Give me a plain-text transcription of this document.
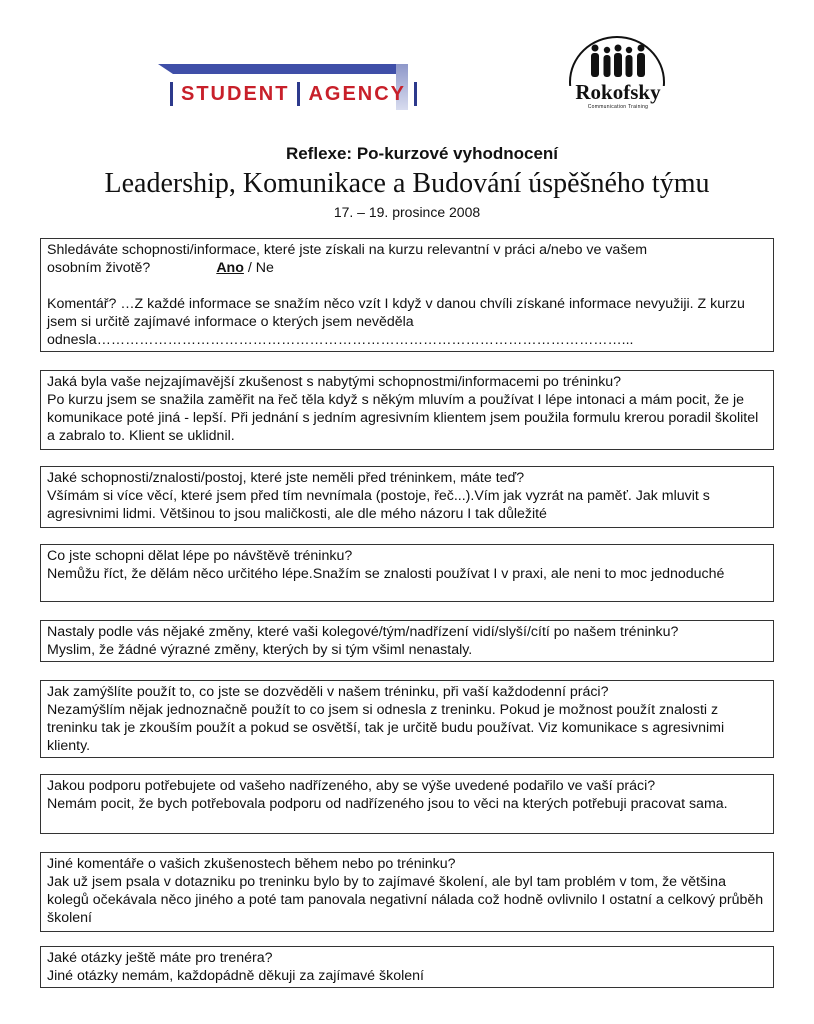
STUDENT AGENCY	Rokofsky
Communication Training
Reflexe: Po-kurzové vyhodnocení
Leadership, Komunikace a Budování úspěšného týmu
17. – 19. prosince 2008

Shledáváte schopnosti/informace, které jste získali na kurzu relevantní v práci a/nebo ve vašem

osobním životě?	Ano / Ne

Komentář? …Z každé informace se snažím něco vzít I když v danou chvíli získané informace nevyužiji. Z kurzu jsem si určitě zajímavé informace o kterých jsem nevěděla odnesla…………………………………………………………………………………………………...

Jaká byla vaše nejzajímavější zkušenost s nabytými schopnostmi/informacemi po tréninku?

Po kurzu jsem se snažila zaměřit na řeč těla když s někým mluvím a používat I lépe intonaci a mám pocit, že je komunikace poté jiná - lepší. Při jednání s jedním agresivním klientem jsem použila formulu krerou poradil školitel a zabralo to. Klient se uklidnil.

Jaké schopnosti/znalosti/postoj, které jste neměli před tréninkem, máte teď?

Všímám si více věcí, které jsem před tím nevnímala (postoje, řeč...).Vím jak vyzrát na paměť. Jak mluvit s agresivnimi lidmi. Většinou to jsou maličkosti, ale dle mého názoru I tak důležité

Co jste schopni dělat lépe po návštěvě tréninku?

Nemůžu říct, že dělám něco určitého lépe.Snažím se znalosti používat I v praxi, ale neni to moc jednoduché

Nastaly podle vás nějaké změny, které vaši kolegové/tým/nadřízení vidí/slyší/cítí po našem tréninku?

Myslim, že žádné výrazné změny, kterých by si tým všiml nenastaly.

Jak zamýšlíte použít to, co jste se dozvěděli v našem tréninku, při vaší každodenní práci?

Nezamýšlím nějak jednoznačně použít to co jsem si odnesla z treninku. Pokud je možnost použít znalosti z treninku tak je zkouším použít a pokud se osvětší, tak je určitě budu používat. Viz komunikace s agresivnimi klienty.

Jakou podporu potřebujete od vašeho nadřízeného, aby se výše uvedené podařilo ve vaší práci?

Nemám pocit, že bych potřebovala podporu od nadřízeného jsou to věci na kterých potřebuji pracovat sama.

Jiné komentáře o vašich zkušenostech během nebo po tréninku?

Jak už jsem psala v dotazniku po treninku bylo by to zajímavé školení, ale byl tam problém v tom, že většina kolegů očekávala něco jiného a poté tam panovala negativní nálada což hodně ovlivnilo I ostatní a celkový průběh školení

Jaké otázky ještě máte pro trenéra?

Jiné otázky nemám, každopádně děkuji za zajímavé školení
